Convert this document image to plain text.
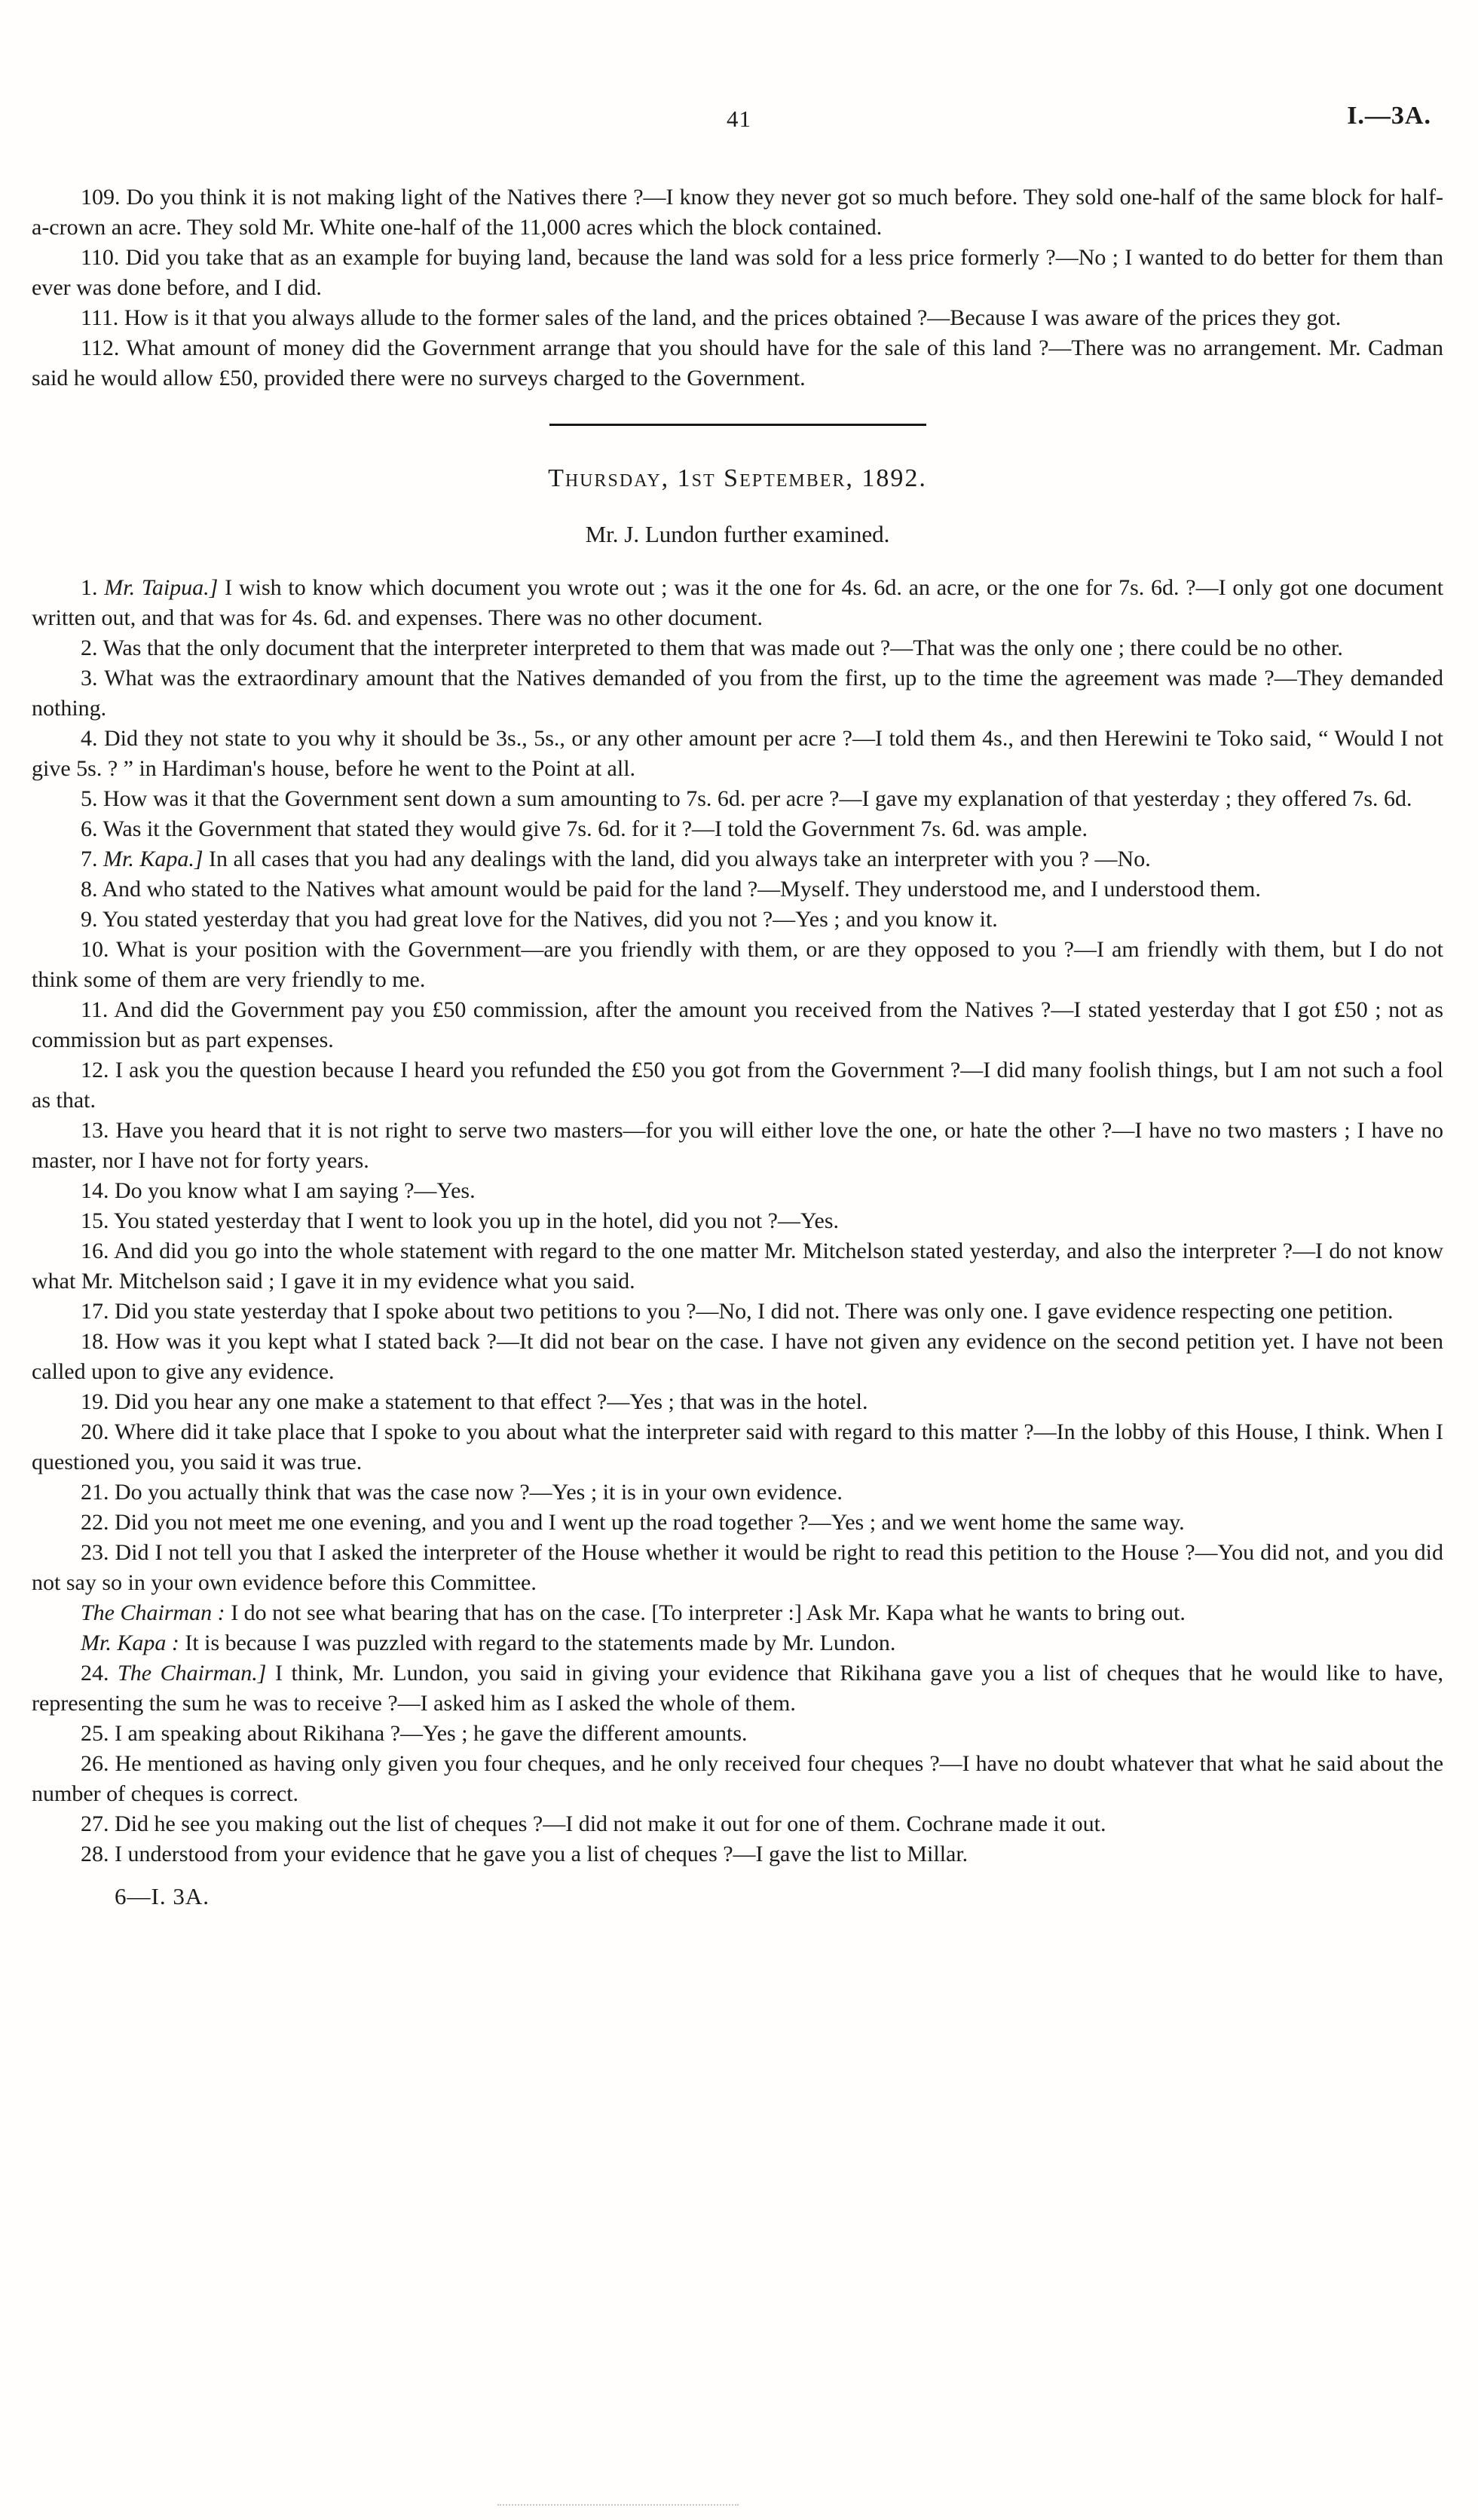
41	I.—3A.

109. Do you think it is not making light of the Natives there ?—I know they never got so much before. They sold one-half of the same block for half-a-crown an acre. They sold Mr. White one-half of the 11,000 acres which the block contained.

110. Did you take that as an example for buying land, because the land was sold for a less price formerly ?—No ; I wanted to do better for them than ever was done before, and I did.

111. How is it that you always allude to the former sales of the land, and the prices obtained ?—Because I was aware of the prices they got.

112. What amount of money did the Government arrange that you should have for the sale of this land ?—There was no arrangement. Mr. Cadman said he would allow £50, provided there were no surveys charged to the Government.

Thursday, 1st September, 1892.

Mr. J. Lundon further examined.

1. Mr. Taipua.] I wish to know which document you wrote out ; was it the one for 4s. 6d. an acre, or the one for 7s. 6d. ?—I only got one document written out, and that was for 4s. 6d. and expenses. There was no other document.

2. Was that the only document that the interpreter interpreted to them that was made out ?—That was the only one ; there could be no other.

3. What was the extraordinary amount that the Natives demanded of you from the first, up to the time the agreement was made ?—They demanded nothing.

4. Did they not state to you why it should be 3s., 5s., or any other amount per acre ?—I told them 4s., and then Herewini te Toko said, “ Would I not give 5s. ? ” in Hardiman's house, before he went to the Point at all.

5. How was it that the Government sent down a sum amounting to 7s. 6d. per acre ?—I gave my explanation of that yesterday ; they offered 7s. 6d.

6. Was it the Government that stated they would give 7s. 6d. for it ?—I told the Government 7s. 6d. was ample.

7. Mr. Kapa.] In all cases that you had any dealings with the land, did you always take an interpreter with you ? —No.

8. And who stated to the Natives what amount would be paid for the land ?—Myself. They understood me, and I understood them.

9. You stated yesterday that you had great love for the Natives, did you not ?—Yes ; and you know it.

10. What is your position with the Government—are you friendly with them, or are they opposed to you ?—I am friendly with them, but I do not think some of them are very friendly to me.

11. And did the Government pay you £50 commission, after the amount you received from the Natives ?—I stated yesterday that I got £50 ; not as commission but as part expenses.

12. I ask you the question because I heard you refunded the £50 you got from the Government ?—I did many foolish things, but I am not such a fool as that.

13. Have you heard that it is not right to serve two masters—for you will either love the one, or hate the other ?—I have no two masters ; I have no master, nor I have not for forty years.

14. Do you know what I am saying ?—Yes.

15. You stated yesterday that I went to look you up in the hotel, did you not ?—Yes.

16. And did you go into the whole statement with regard to the one matter Mr. Mitchelson stated yesterday, and also the interpreter ?—I do not know what Mr. Mitchelson said ; I gave it in my evidence what you said.

17. Did you state yesterday that I spoke about two petitions to you ?—No, I did not. There was only one. I gave evidence respecting one petition.

18. How was it you kept what I stated back ?—It did not bear on the case. I have not given any evidence on the second petition yet. I have not been called upon to give any evidence.

19. Did you hear any one make a statement to that effect ?—Yes ; that was in the hotel.

20. Where did it take place that I spoke to you about what the interpreter said with regard to this matter ?—In the lobby of this House, I think. When I questioned you, you said it was true.

21. Do you actually think that was the case now ?—Yes ; it is in your own evidence.

22. Did you not meet me one evening, and you and I went up the road together ?—Yes ; and we went home the same way.

23. Did I not tell you that I asked the interpreter of the House whether it would be right to read this petition to the House ?—You did not, and you did not say so in your own evidence before this Committee.

The Chairman : I do not see what bearing that has on the case. [To interpreter :] Ask Mr. Kapa what he wants to bring out.

Mr. Kapa : It is because I was puzzled with regard to the statements made by Mr. Lundon.

24. The Chairman.] I think, Mr. Lundon, you said in giving your evidence that Rikihana gave you a list of cheques that he would like to have, representing the sum he was to receive ?—I asked him as I asked the whole of them.

25. I am speaking about Rikihana ?—Yes ; he gave the different amounts.

26. He mentioned as having only given you four cheques, and he only received four cheques ?—I have no doubt whatever that what he said about the number of cheques is correct.

27. Did he see you making out the list of cheques ?—I did not make it out for one of them. Cochrane made it out.

28. I understood from your evidence that he gave you a list of cheques ?—I gave the list to Millar.

6—I. 3A.
